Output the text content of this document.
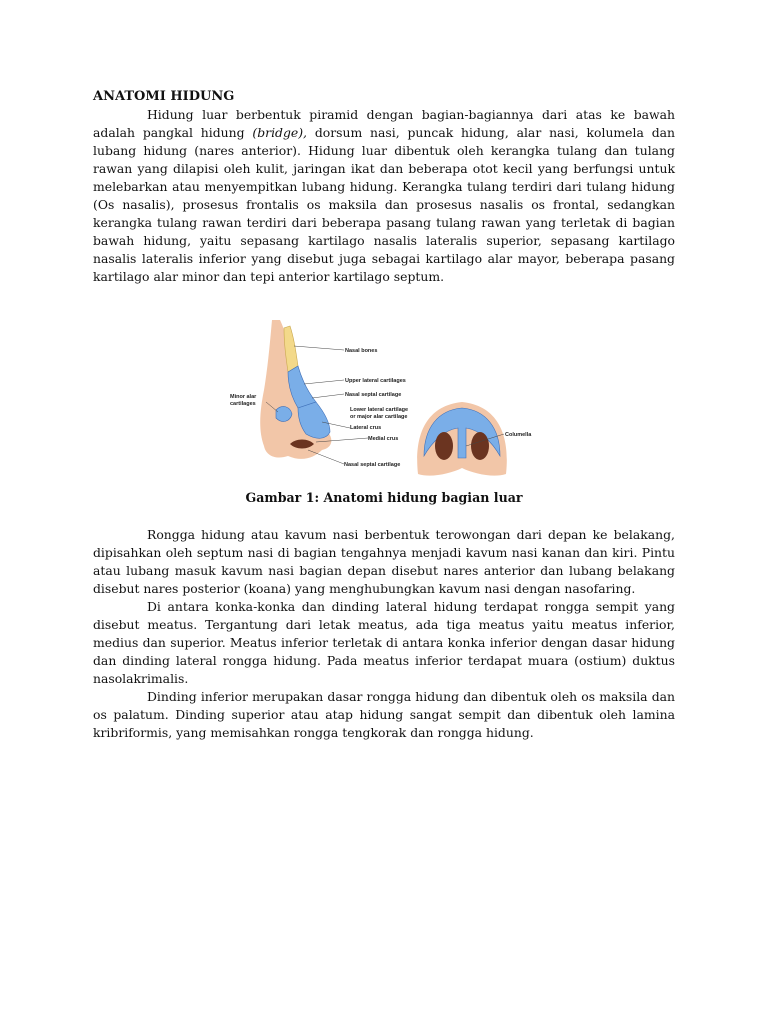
ANATOMI HIDUNG

Hidung luar berbentuk piramid dengan bagian-bagiannya dari atas ke bawah adalah pangkal hidung (bridge), dorsum nasi, puncak hidung, alar nasi, kolumela dan lubang hidung (nares anterior). Hidung luar dibentuk oleh kerangka tulang dan tulang rawan yang dilapisi oleh kulit, jaringan ikat dan beberapa otot kecil yang berfungsi untuk melebarkan atau menyempitkan lubang hidung. Kerangka tulang terdiri dari tulang hidung (Os nasalis), prosesus frontalis os maksila dan prosesus nasalis os frontal, sedangkan kerangka tulang rawan terdiri dari beberapa pasang tulang rawan yang terletak di bagian bawah hidung, yaitu sepasang kartilago nasalis lateralis superior, sepasang kartilago nasalis lateralis inferior yang disebut juga sebagai kartilago alar mayor, beberapa pasang kartilago alar minor dan tepi anterior kartilago septum.

Nasal bones
Upper lateral cartilages
Nasal septal cartilage
Lower lateral cartilage
or major alar cartilage
Lateral crus
Medial crus
Nasal septal cartilage
Minor alar
cartilages
Columella
Gambar 1: Anatomi hidung bagian luar

Rongga hidung atau kavum nasi berbentuk terowongan dari depan ke belakang, dipisahkan oleh septum nasi di bagian tengahnya menjadi kavum nasi kanan dan kiri. Pintu atau lubang masuk kavum nasi bagian depan disebut nares anterior dan lubang belakang disebut nares posterior (koana) yang menghubungkan kavum nasi dengan nasofaring.

Di antara konka-konka dan dinding lateral hidung terdapat rongga sempit yang disebut meatus. Tergantung dari letak meatus, ada tiga meatus yaitu meatus inferior, medius dan superior. Meatus inferior terletak di antara konka inferior dengan dasar hidung dan dinding lateral rongga hidung. Pada meatus inferior terdapat muara (ostium) duktus nasolakrimalis.

Dinding inferior merupakan dasar rongga hidung dan dibentuk oleh os maksila dan os palatum. Dinding superior atau atap hidung sangat sempit dan dibentuk oleh lamina kribriformis, yang memisahkan rongga tengkorak dan rongga hidung.
